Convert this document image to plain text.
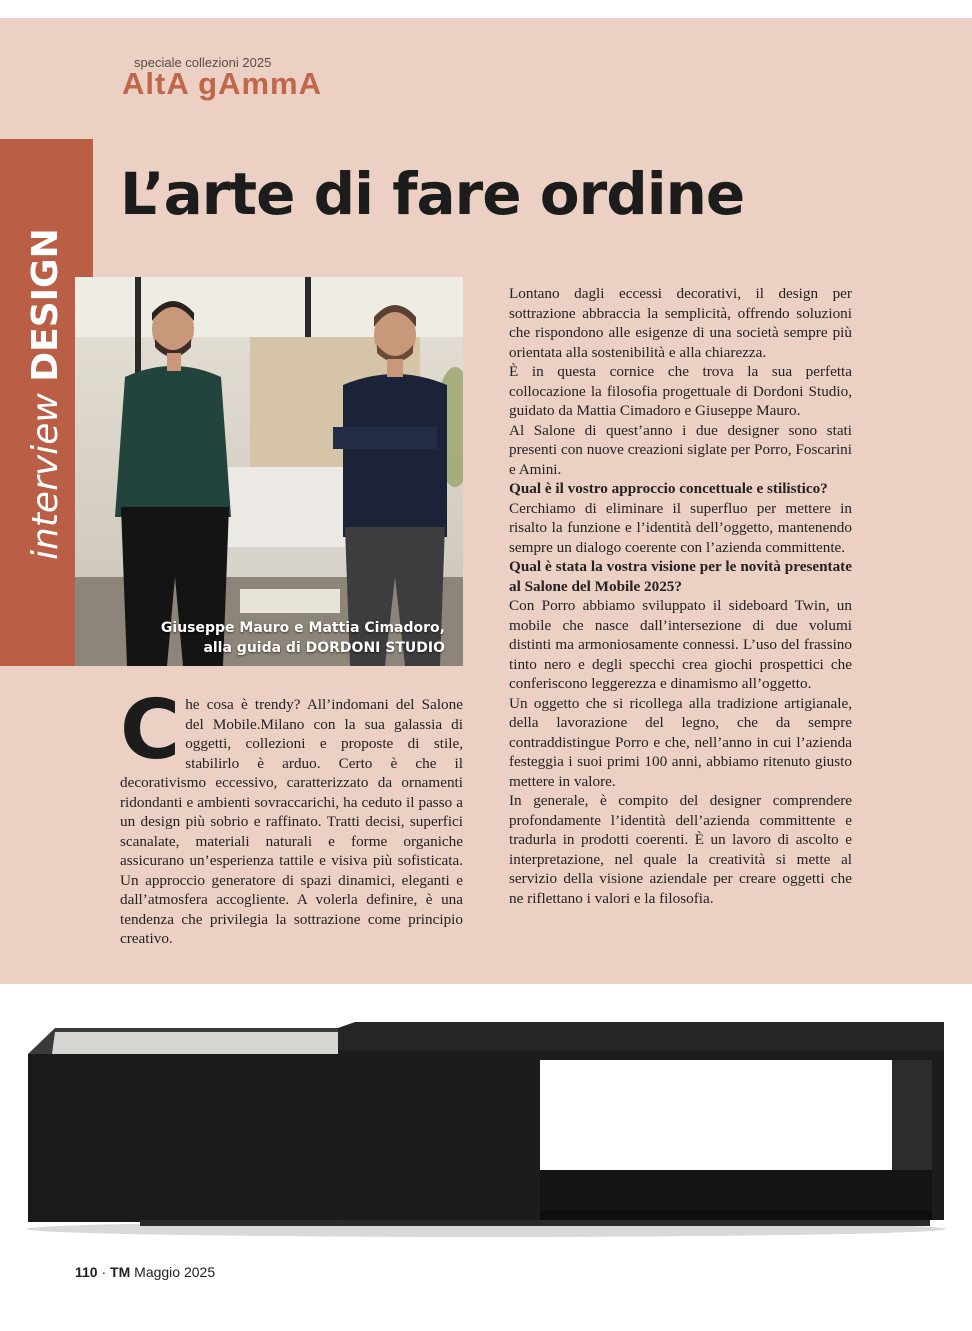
speciale collezioni 2025
AltA gAmmA
interview DESIGN
L’arte di fare ordine
Giuseppe Mauro e Mattia Cimadoro,
alla guida di DORDONI STUDIO
Che cosa è trendy? All’indomani del Salone del Mobile.Milano con la sua galassia di oggetti, collezioni e proposte di stile, stabilirlo è arduo. Certo è che il decorativismo eccessivo, caratterizzato da ornamenti ridondanti e ambienti sovraccarichi, ha ceduto il passo a un design più sobrio e raffinato. Tratti decisi, superfici scanalate, materiali naturali e forme organiche assicurano un’esperienza tattile e visiva più sofisticata. Un approccio generatore di spazi dinamici, eleganti e dall’atmosfera accogliente. A volerla definire, è una tendenza che privilegia la sottrazione come principio creativo.

Lontano dagli eccessi decorativi, il design per sottrazione abbraccia la semplicità, offrendo soluzioni che rispondono alle esigenze di una società sempre più orientata alla sostenibilità e alla chiarezza.

È in questa cornice che trova la sua perfetta collocazione la filosofia progettuale di Dordoni Studio, guidato da Mattia Cimadoro e Giuseppe Mauro.

Al Salone di quest’anno i due designer sono stati presenti con nuove creazioni siglate per Porro, Foscarini e Amini.

Qual è il vostro approccio concettuale e stilistico?

Cerchiamo di eliminare il superfluo per mettere in risalto la funzione e l’identità dell’oggetto, mantenendo sempre un dialogo coerente con l’azienda committente.

Qual è stata la vostra visione per le novità presentate al Salone del Mobile 2025?

Con Porro abbiamo sviluppato il sideboard Twin, un mobile che nasce dall’intersezione di due volumi distinti ma armoniosamente connessi. L’uso del frassino tinto nero e degli specchi crea giochi prospettici che conferiscono leggerezza e dinamismo all’oggetto.

Un oggetto che si ricollega alla tradizione artigianale, della lavorazione del legno, che da sempre contraddistingue Porro e che, nell’anno in cui l’azienda festeggia i suoi primi 100 anni, abbiamo ritenuto giusto mettere in valore.

In generale, è compito del designer comprendere profondamente l’identità dell’azienda committente e tradurla in prodotti coerenti. È un lavoro di ascolto e interpretazione, nel quale la creatività si mette al servizio della visione aziendale per creare oggetti che ne riflettano i valori e la filosofia.

110 · TM Maggio 2025
